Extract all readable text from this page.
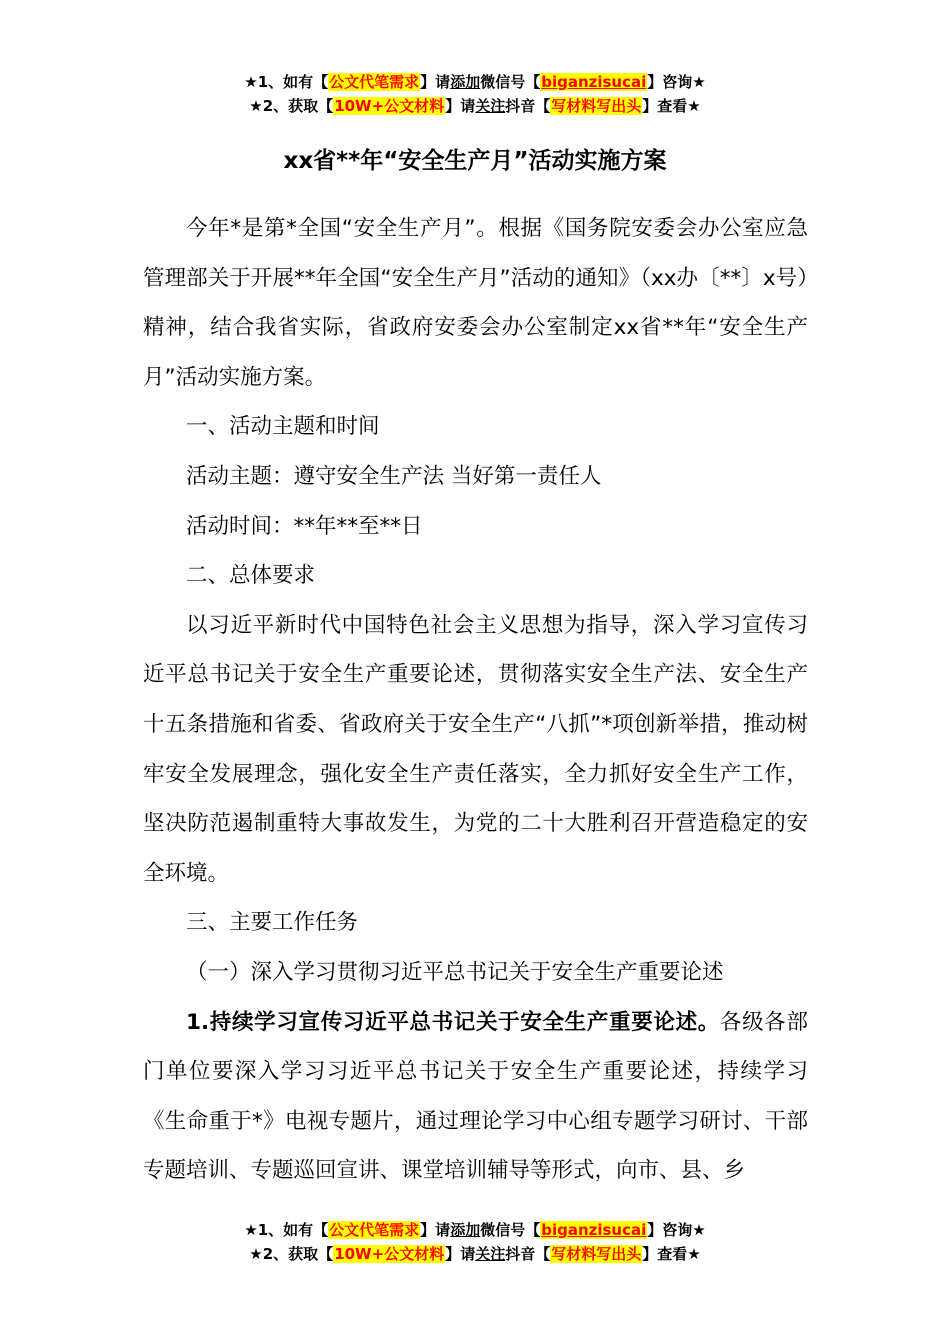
★1、如有【公文代笔需求】请添加微信号【biganzisucai】咨询★
★2、获取【10W+公文材料】请关注抖音【写材料写出头】查看★
xx省**年“安全生产月”活动实施方案

今年*是第*全国“安全生产月”。根据《国务院安委会办公室应急管理部关于开展**年全国“安全生产月”活动的通知》（xx办〔**〕x号）精神，结合我省实际，省政府安委会办公室制定xx省**年“安全生产月”活动实施方案。

一、活动主题和时间

活动主题：遵守安全生产法 当好第一责任人

活动时间：**年**至**日

二、总体要求

以习近平新时代中国特色社会主义思想为指导，深入学习宣传习近平总书记关于安全生产重要论述，贯彻落实安全生产法、安全生产十五条措施和省委、省政府关于安全生产“八抓”*项创新举措，推动树牢安全发展理念，强化安全生产责任落实，全力抓好安全生产工作，坚决防范遏制重特大事故发生，为党的二十大胜利召开营造稳定的安全环境。

三、主要工作任务

（一）深入学习贯彻习近平总书记关于安全生产重要论述

1.持续学习宣传习近平总书记关于安全生产重要论述。各级各部门单位要深入学习习近平总书记关于安全生产重要论述，持续学习《生命重于*》电视专题片，通过理论学习中心组专题学习研讨、干部专题培训、专题巡回宣讲、课堂培训辅导等形式，向市、县、乡

★1、如有【公文代笔需求】请添加微信号【biganzisucai】咨询★
★2、获取【10W+公文材料】请关注抖音【写材料写出头】查看★
